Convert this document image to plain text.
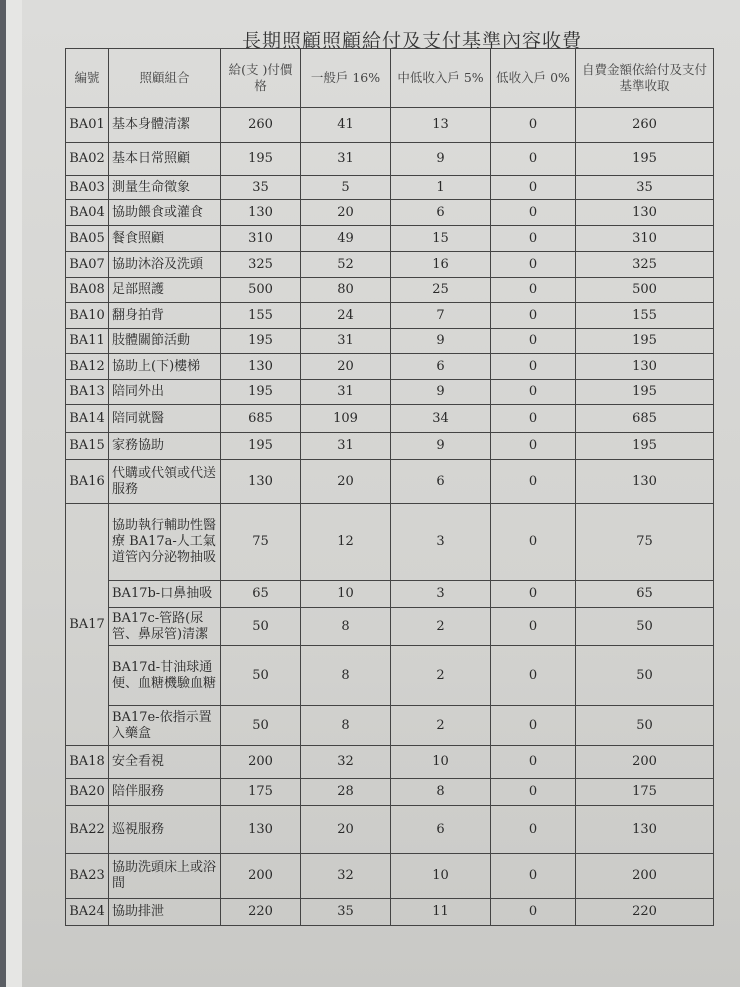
長期照顧照顧給付及支付基準內容收費
編號	照顧組合	給(支 )付價格	一般戶 16%	中低收入戶 5%	低收入戶 0%	自費金額依給付及支付基準收取
BA01	基本身體清潔	260	41	13	0	260
BA02	基本日常照顧	195	31	9	0	195
BA03	測量生命徵象	35	5	1	0	35
BA04	協助餵食或灌食	130	20	6	0	130
BA05	餐食照顧	310	49	15	0	310
BA07	協助沐浴及洗頭	325	52	16	0	325
BA08	足部照護	500	80	25	0	500
BA10	翻身拍背	155	24	7	0	155
BA11	肢體關節活動	195	31	9	0	195
BA12	協助上(下)樓梯	130	20	6	0	130
BA13	陪同外出	195	31	9	0	195
BA14	陪同就醫	685	109	34	0	685
BA15	家務協助	195	31	9	0	195
BA16	代購或代領或代送服務	130	20	6	0	130
BA17	協助執行輔助性醫療 BA17a-人工氣道管內分泌物抽吸	75	12	3	0	75
	BA17b-口鼻抽吸	65	10	3	0	65
	BA17c-管路(尿管、鼻尿管)清潔	50	8	2	0	50
	BA17d-甘油球通便、血糖機驗血糖	50	8	2	0	50
	BA17e-依指示置入藥盒	50	8	2	0	50
BA18	安全看視	200	32	10	0	200
BA20	陪伴服務	175	28	8	0	175
BA22	巡視服務	130	20	6	0	130
BA23	協助洗頭床上或浴間	200	32	10	0	200
BA24	協助排泄	220	35	11	0	220
